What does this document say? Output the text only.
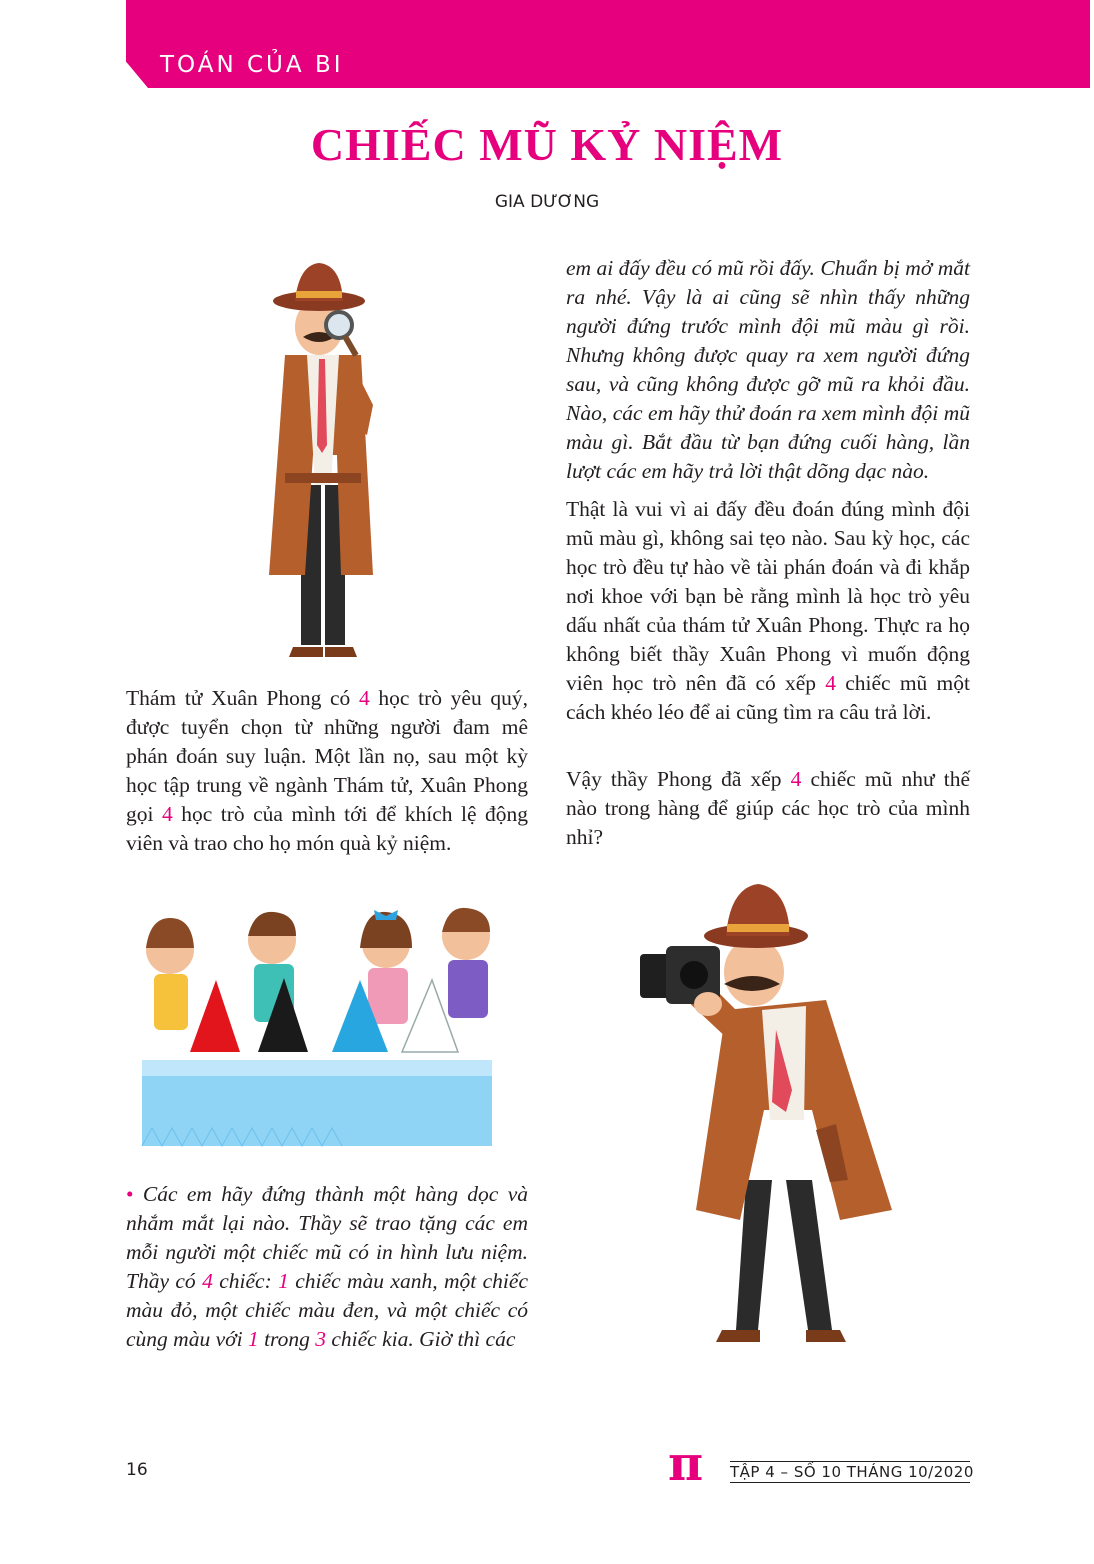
TOÁN CỦA BI
CHIẾC MŨ KỶ NIỆM
GIA DƯƠNG

Thám tử Xuân Phong có 4 học trò yêu quý, được tuyển chọn từ những người đam mê phán đoán suy luận. Một lần nọ, sau một kỳ học tập trung về ngành Thám tử, Xuân Phong gọi 4 học trò của mình tới để khích lệ động viên và trao cho họ món quà kỷ niệm.

• Các em hãy đứng thành một hàng dọc và nhắm mắt lại nào. Thầy sẽ trao tặng các em mỗi người một chiếc mũ có in hình lưu niệm. Thầy có 4 chiếc: 1 chiếc màu xanh, một chiếc màu đỏ, một chiếc màu đen, và một chiếc có cùng màu với 1 trong 3 chiếc kia. Giờ thì các

em ai đấy đều có mũ rồi đấy. Chuẩn bị mở mắt ra nhé. Vậy là ai cũng sẽ nhìn thấy những người đứng trước mình đội mũ màu gì rồi. Nhưng không được quay ra xem người đứng sau, và cũng không được gỡ mũ ra khỏi đầu. Nào, các em hãy thử đoán ra xem mình đội mũ màu gì. Bắt đầu từ bạn đứng cuối hàng, lần lượt các em hãy trả lời thật dõng dạc nào.

Thật là vui vì ai đấy đều đoán đúng mình đội mũ màu gì, không sai tẹo nào. Sau kỳ học, các học trò đều tự hào về tài phán đoán và đi khắp nơi khoe với bạn bè rằng mình là học trò yêu dấu nhất của thám tử Xuân Phong. Thực ra họ không biết thầy Xuân Phong vì muốn động viên học trò nên đã có xếp 4 chiếc mũ một cách khéo léo để ai cũng tìm ra câu trả lời.

Vậy thầy Phong đã xếp 4 chiếc mũ như thế nào trong hàng để giúp các học trò của mình nhỉ?

16	π TẬP 4 – SỐ 10 THÁNG 10/2020
